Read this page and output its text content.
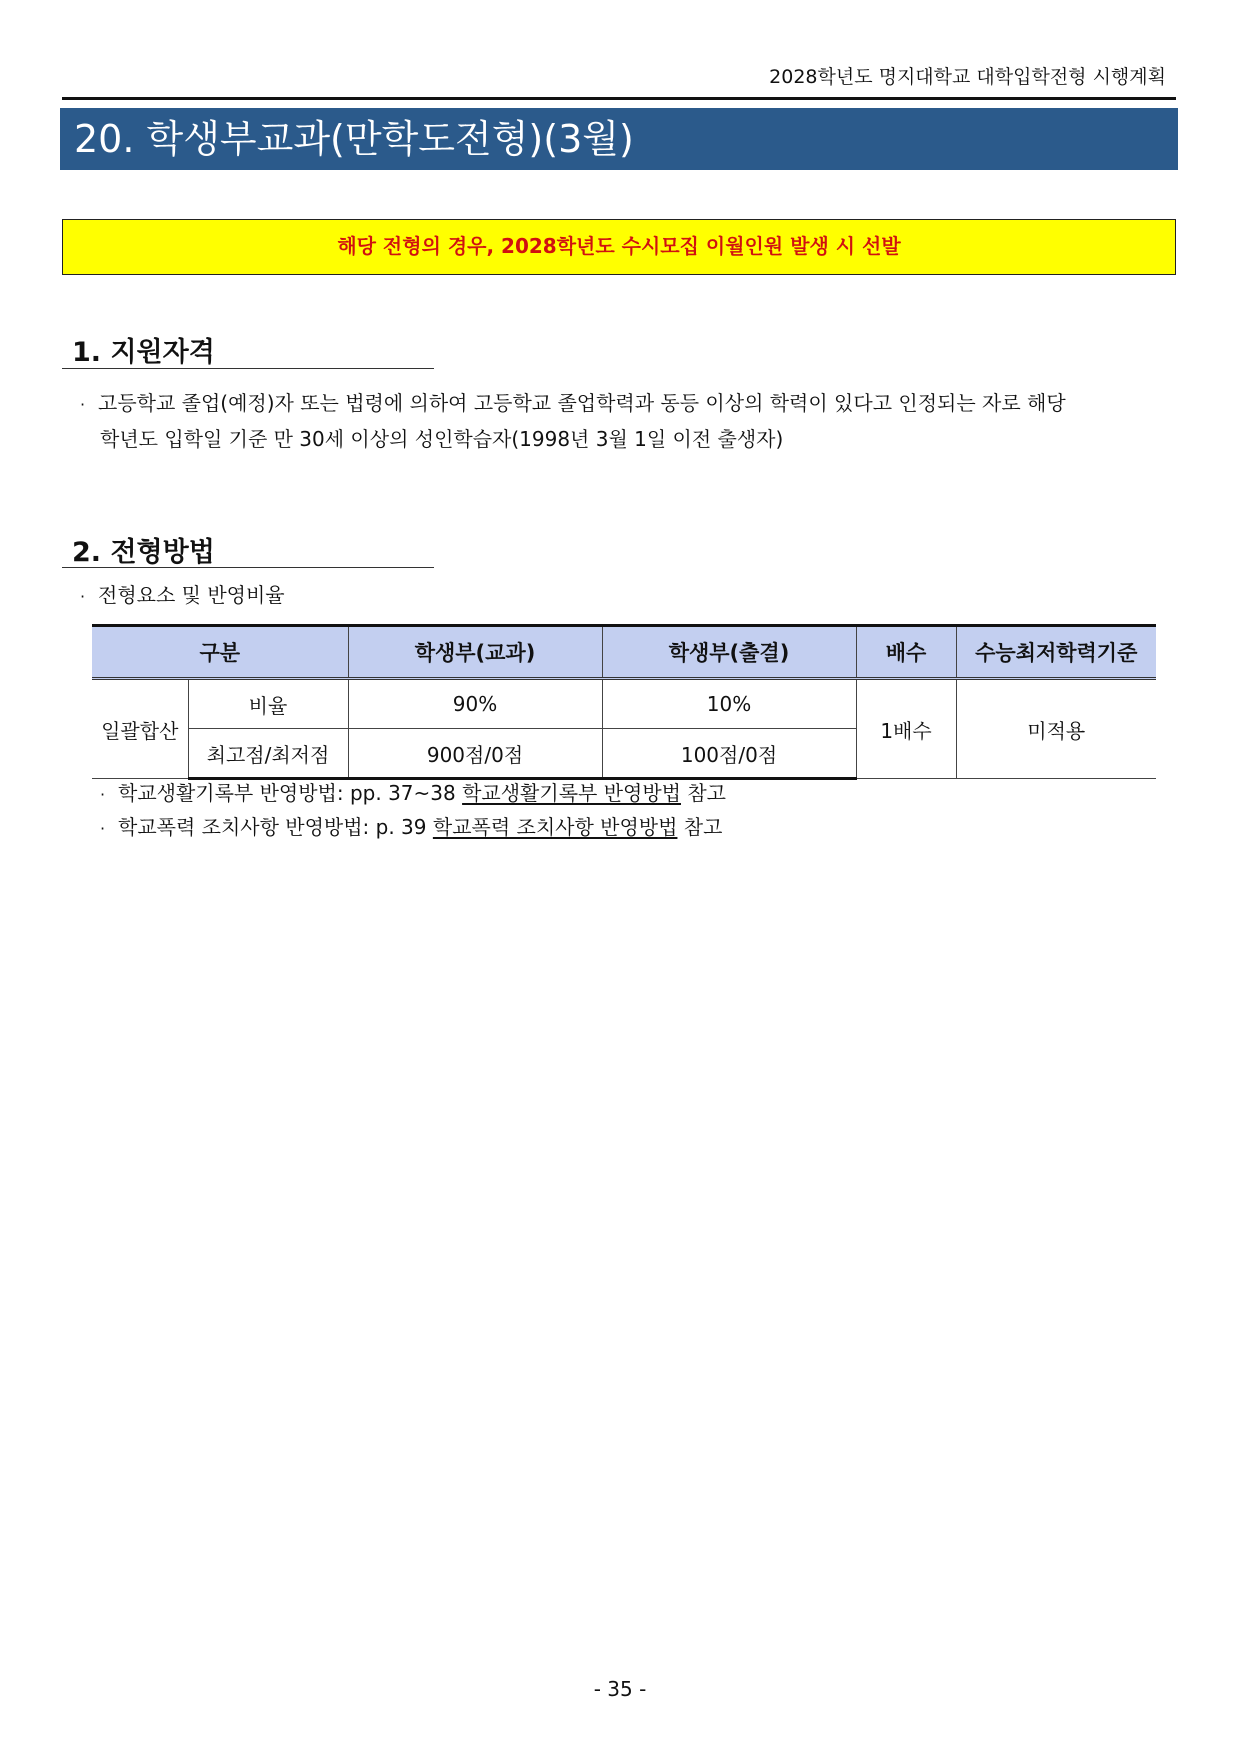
2028학년도 명지대학교 대학입학전형 시행계획
20. 학생부교과(만학도전형)(3월)
해당 전형의 경우, 2028학년도 수시모집 이월인원 발생 시 선발
1. 지원자격
· 고등학교 졸업(예정)자 또는 법령에 의하여 고등학교 졸업학력과 동등 이상의 학력이 있다고 인정되는 자로 해당
학년도 입학일 기준 만 30세 이상의 성인학습자(1998년 3월 1일 이전 출생자)
2. 전형방법
· 전형요소 및 반영비율
구분		학생부(교과)	학생부(출결)	배수	수능최저학력기준
일괄합산	비율	90%	10%	1배수	미적용
	최고점/최저점	900점/0점	100점/0점		
· 학교생활기록부 반영방법: pp. 37~38 학교생활기록부 반영방법 참고
· 학교폭력 조치사항 반영방법: p. 39 학교폭력 조치사항 반영방법 참고
- 35 -
